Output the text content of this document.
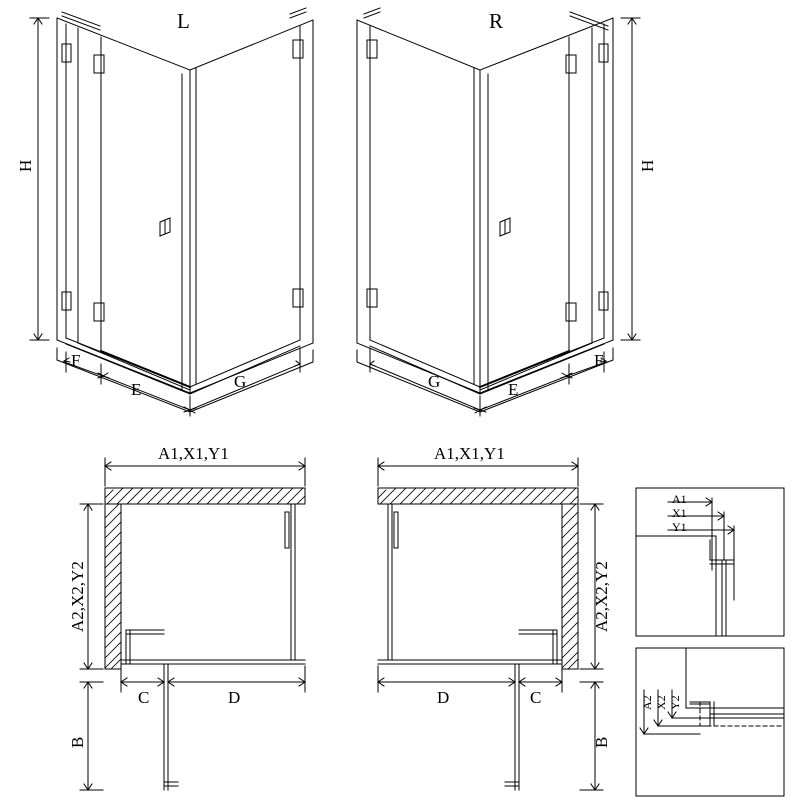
L	R
H	H
F
E	G
F
E
G
A1,X1,Y1	A1,X1,Y1
A2,X2,Y2	A2,X2,Y2
C	D
B
D	C
B
A1
X1
Y1
A2 X2 Y2
